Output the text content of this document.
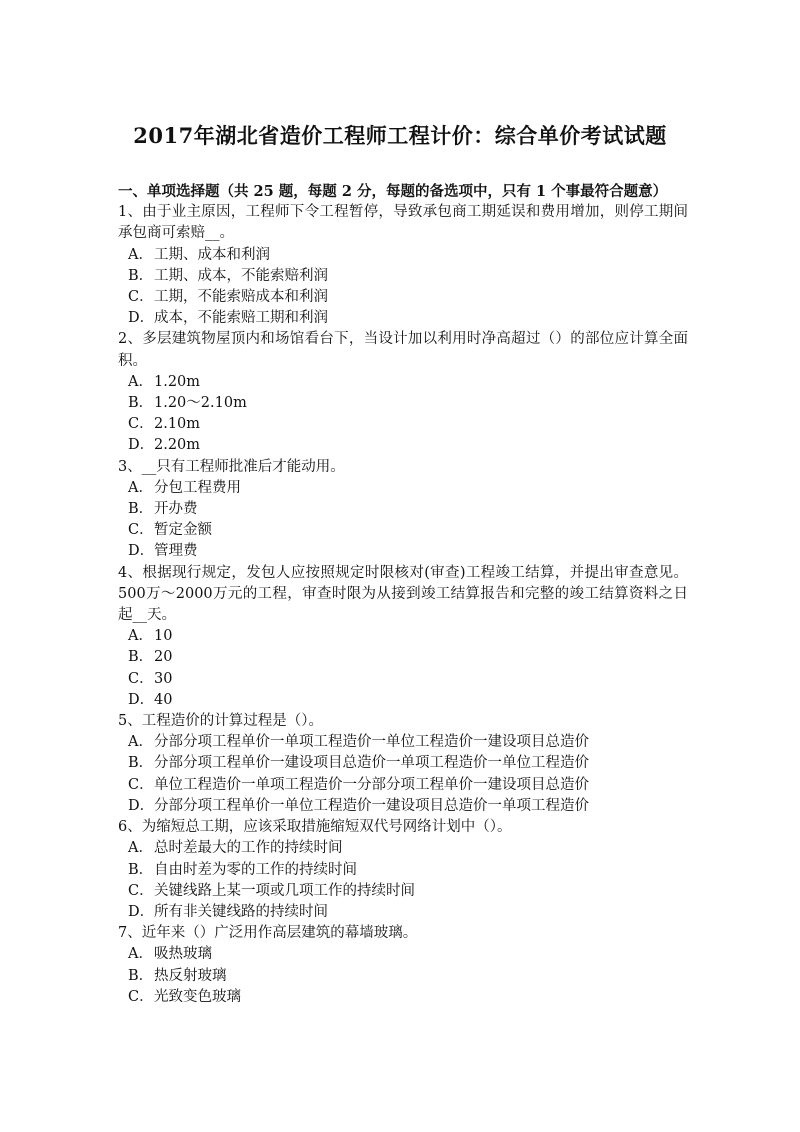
2017年湖北省造价工程师工程计价：综合单价考试试题

一、单项选择题（共 25 题，每题 2 分，每题的备选项中，只有 1 个事最符合题意）

1、由于业主原因，工程师下令工程暂停，导致承包商工期延误和费用增加，则停工期间承包商可索赔__。

A．工期、成本和利润
B．工期、成本，不能索赔利润
C．工期，不能索赔成本和利润
D．成本，不能索赔工期和利润

2、多层建筑物屋顶内和场馆看台下，当设计加以利用时净高超过（）的部位应计算全面积。

A．1.20m
B．1.20～2.10m
C．2.10m
D．2.20m

3、__只有工程师批准后才能动用。

A．分包工程费用
B．开办费
C．暂定金额
D．管理费

4、根据现行规定，发包人应按照规定时限核对(审查)工程竣工结算，并提出审查意见。500万～2000万元的工程，审查时限为从接到竣工结算报告和完整的竣工结算资料之日起__天。

A．10
B．20
C．30
D．40

5、工程造价的计算过程是（）。

A．分部分项工程单价一单项工程造价一单位工程造价一建设项目总造价
B．分部分项工程单价一建设项目总造价一单项工程造价一单位工程造价
C．单位工程造价一单项工程造价一分部分项工程单价一建设项目总造价
D．分部分项工程单价一单位工程造价一建设项目总造价一单项工程造价

6、为缩短总工期，应该采取措施缩短双代号网络计划中（）。

A．总时差最大的工作的持续时间
B．自由时差为零的工作的持续时间
C．关键线路上某一项或几项工作的持续时间
D．所有非关键线路的持续时间

7、近年来（）广泛用作高层建筑的幕墙玻璃。

A．吸热玻璃
B．热反射玻璃
C．光致变色玻璃
